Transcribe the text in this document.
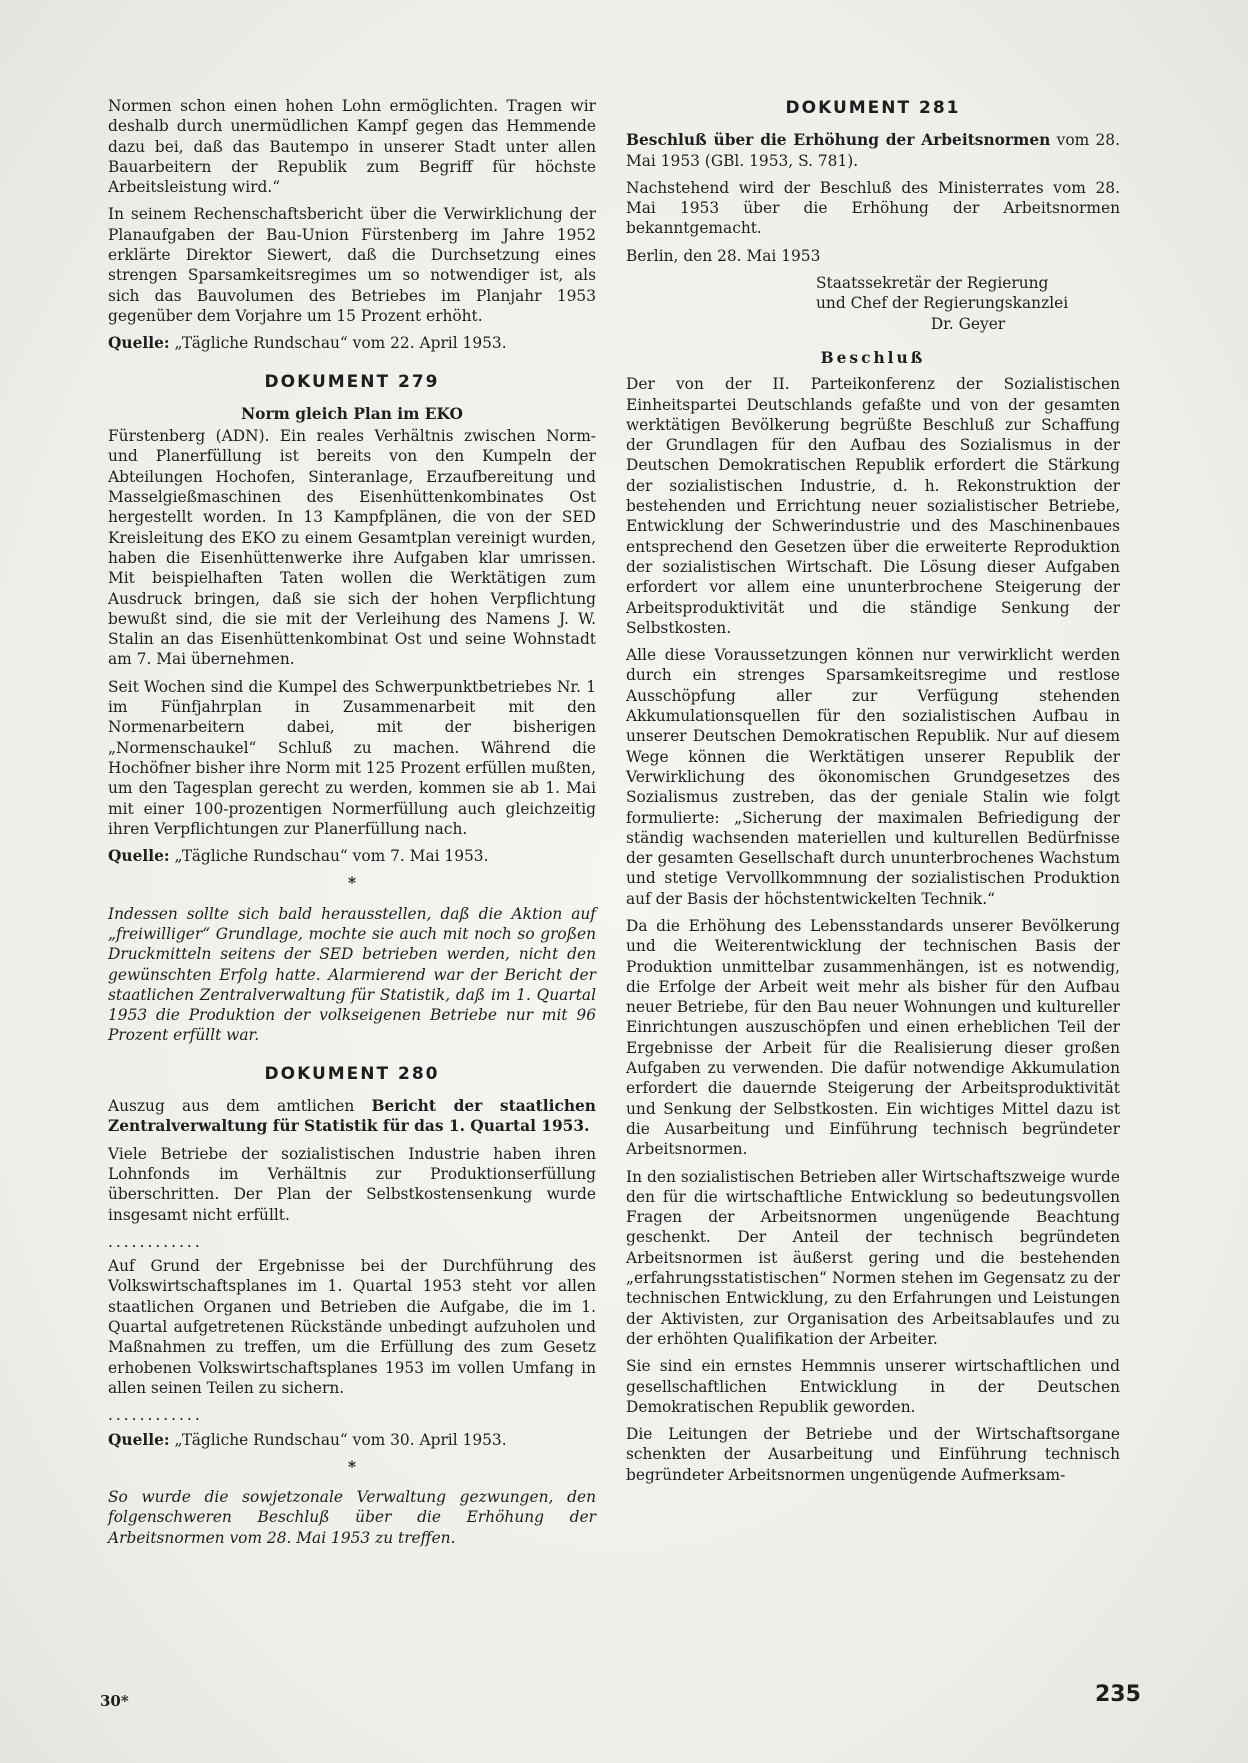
Normen schon einen hohen Lohn ermöglichten. Tragen wir deshalb durch unermüdlichen Kampf gegen das Hemmende dazu bei, daß das Bautempo in unserer Stadt unter allen Bauarbeitern der Republik zum Begriff für höchste Arbeitsleistung wird.“

In seinem Rechenschaftsbericht über die Verwirklichung der Planaufgaben der Bau-Union Fürstenberg im Jahre 1952 erklärte Direktor Siewert, daß die Durchsetzung eines strengen Sparsamkeitsregimes um so notwendiger ist, als sich das Bauvolumen des Betriebes im Planjahr 1953 gegenüber dem Vorjahre um 15 Prozent erhöht.

Quelle: „Tägliche Rundschau“ vom 22. April 1953.

DOKUMENT 279
Norm gleich Plan im EKO

Fürstenberg (ADN). Ein reales Verhältnis zwischen Norm- und Planerfüllung ist bereits von den Kumpeln der Abteilungen Hochofen, Sinteranlage, Erzaufbereitung und Masselgießmaschinen des Eisenhüttenkombinates Ost hergestellt worden. In 13 Kampfplänen, die von der SED Kreisleitung des EKO zu einem Gesamtplan vereinigt wurden, haben die Eisenhüttenwerke ihre Aufgaben klar umrissen. Mit beispielhaften Taten wollen die Werktätigen zum Ausdruck bringen, daß sie sich der hohen Verpflichtung bewußt sind, die sie mit der Verleihung des Namens J. W. Stalin an das Eisenhüttenkombinat Ost und seine Wohnstadt am 7. Mai übernehmen.

Seit Wochen sind die Kumpel des Schwerpunktbetriebes Nr. 1 im Fünfjahrplan in Zusammenarbeit mit den Normenarbeitern dabei, mit der bisherigen „Normenschaukel“ Schluß zu machen. Während die Hochöfner bisher ihre Norm mit 125 Prozent erfüllen mußten, um den Tagesplan gerecht zu werden, kommen sie ab 1. Mai mit einer 100-prozentigen Normerfüllung auch gleichzeitig ihren Verpflichtungen zur Planerfüllung nach.

Quelle: „Tägliche Rundschau“ vom 7. Mai 1953.

*

Indessen sollte sich bald herausstellen, daß die Aktion auf „freiwilliger“ Grundlage, mochte sie auch mit noch so großen Druckmitteln seitens der SED betrieben werden, nicht den gewünschten Erfolg hatte. Alarmierend war der Bericht der staatlichen Zentralverwaltung für Statistik, daß im 1. Quartal 1953 die Produktion der volkseigenen Betriebe nur mit 96 Prozent erfüllt war.

DOKUMENT 280

Auszug aus dem amtlichen Bericht der staatlichen Zentralverwaltung für Statistik für das 1. Quartal 1953.

Viele Betriebe der sozialistischen Industrie haben ihren Lohnfonds im Verhältnis zur Produktionserfüllung überschritten. Der Plan der Selbstkostensenkung wurde insgesamt nicht erfüllt.

............

Auf Grund der Ergebnisse bei der Durchführung des Volkswirtschaftsplanes im 1. Quartal 1953 steht vor allen staatlichen Organen und Betrieben die Aufgabe, die im 1. Quartal aufgetretenen Rückstände unbedingt aufzuholen und Maßnahmen zu treffen, um die Erfüllung des zum Gesetz erhobenen Volkswirtschaftsplanes 1953 im vollen Umfang in allen seinen Teilen zu sichern.

............

Quelle: „Tägliche Rundschau“ vom 30. April 1953.

*

So wurde die sowjetzonale Verwaltung gezwungen, den folgenschweren Beschluß über die Erhöhung der Arbeitsnormen vom 28. Mai 1953 zu treffen.

DOKUMENT 281

Beschluß über die Erhöhung der Arbeitsnormen vom 28. Mai 1953 (GBl. 1953, S. 781).

Nachstehend wird der Beschluß des Ministerrates vom 28. Mai 1953 über die Erhöhung der Arbeitsnormen bekanntgemacht.

Berlin, den 28. Mai 1953

Staatssekretär der Regierung
und Chef der Regierungskanzlei
Dr. Geyer
Beschluß

Der von der II. Parteikonferenz der Sozialistischen Einheitspartei Deutschlands gefaßte und von der gesamten werktätigen Bevölkerung begrüßte Beschluß zur Schaffung der Grundlagen für den Aufbau des Sozialismus in der Deutschen Demokratischen Republik erfordert die Stärkung der sozialistischen Industrie, d. h. Rekonstruktion der bestehenden und Errichtung neuer sozialistischer Betriebe, Entwicklung der Schwerindustrie und des Maschinenbaues entsprechend den Gesetzen über die erweiterte Reproduktion der sozialistischen Wirtschaft. Die Lösung dieser Aufgaben erfordert vor allem eine ununterbrochene Steigerung der Arbeitsproduktivität und die ständige Senkung der Selbstkosten.

Alle diese Voraussetzungen können nur verwirklicht werden durch ein strenges Sparsamkeitsregime und restlose Ausschöpfung aller zur Verfügung stehenden Akkumulationsquellen für den sozialistischen Aufbau in unserer Deutschen Demokratischen Republik. Nur auf diesem Wege können die Werktätigen unserer Republik der Verwirklichung des ökonomischen Grundgesetzes des Sozialismus zustreben, das der geniale Stalin wie folgt formulierte: „Sicherung der maximalen Befriedigung der ständig wachsenden materiellen und kulturellen Bedürfnisse der gesamten Gesellschaft durch ununterbrochenes Wachstum und stetige Vervollkommnung der sozialistischen Produktion auf der Basis der höchstentwickelten Technik.“

Da die Erhöhung des Lebensstandards unserer Bevölkerung und die Weiterentwicklung der technischen Basis der Produktion unmittelbar zusammenhängen, ist es notwendig, die Erfolge der Arbeit weit mehr als bisher für den Aufbau neuer Betriebe, für den Bau neuer Wohnungen und kultureller Einrichtungen auszuschöpfen und einen erheblichen Teil der Ergebnisse der Arbeit für die Realisierung dieser großen Aufgaben zu verwenden. Die dafür notwendige Akkumulation erfordert die dauernde Steigerung der Arbeitsproduktivität und Senkung der Selbstkosten. Ein wichtiges Mittel dazu ist die Ausarbeitung und Einführung technisch begründeter Arbeitsnormen.

In den sozialistischen Betrieben aller Wirtschaftszweige wurde den für die wirtschaftliche Entwicklung so bedeutungsvollen Fragen der Arbeitsnormen ungenügende Beachtung geschenkt. Der Anteil der technisch begründeten Arbeitsnormen ist äußerst gering und die bestehenden „erfahrungsstatistischen“ Normen stehen im Gegensatz zu der technischen Entwicklung, zu den Erfahrungen und Leistungen der Aktivisten, zur Organisation des Arbeitsablaufes und zu der erhöhten Qualifikation der Arbeiter.

Sie sind ein ernstes Hemmnis unserer wirtschaftlichen und gesellschaftlichen Entwicklung in der Deutschen Demokratischen Republik geworden.

Die Leitungen der Betriebe und der Wirtschaftsorgane schenkten der Ausarbeitung und Einführung technisch begründeter Arbeitsnormen ungenügende Aufmerksam-

30*	235
